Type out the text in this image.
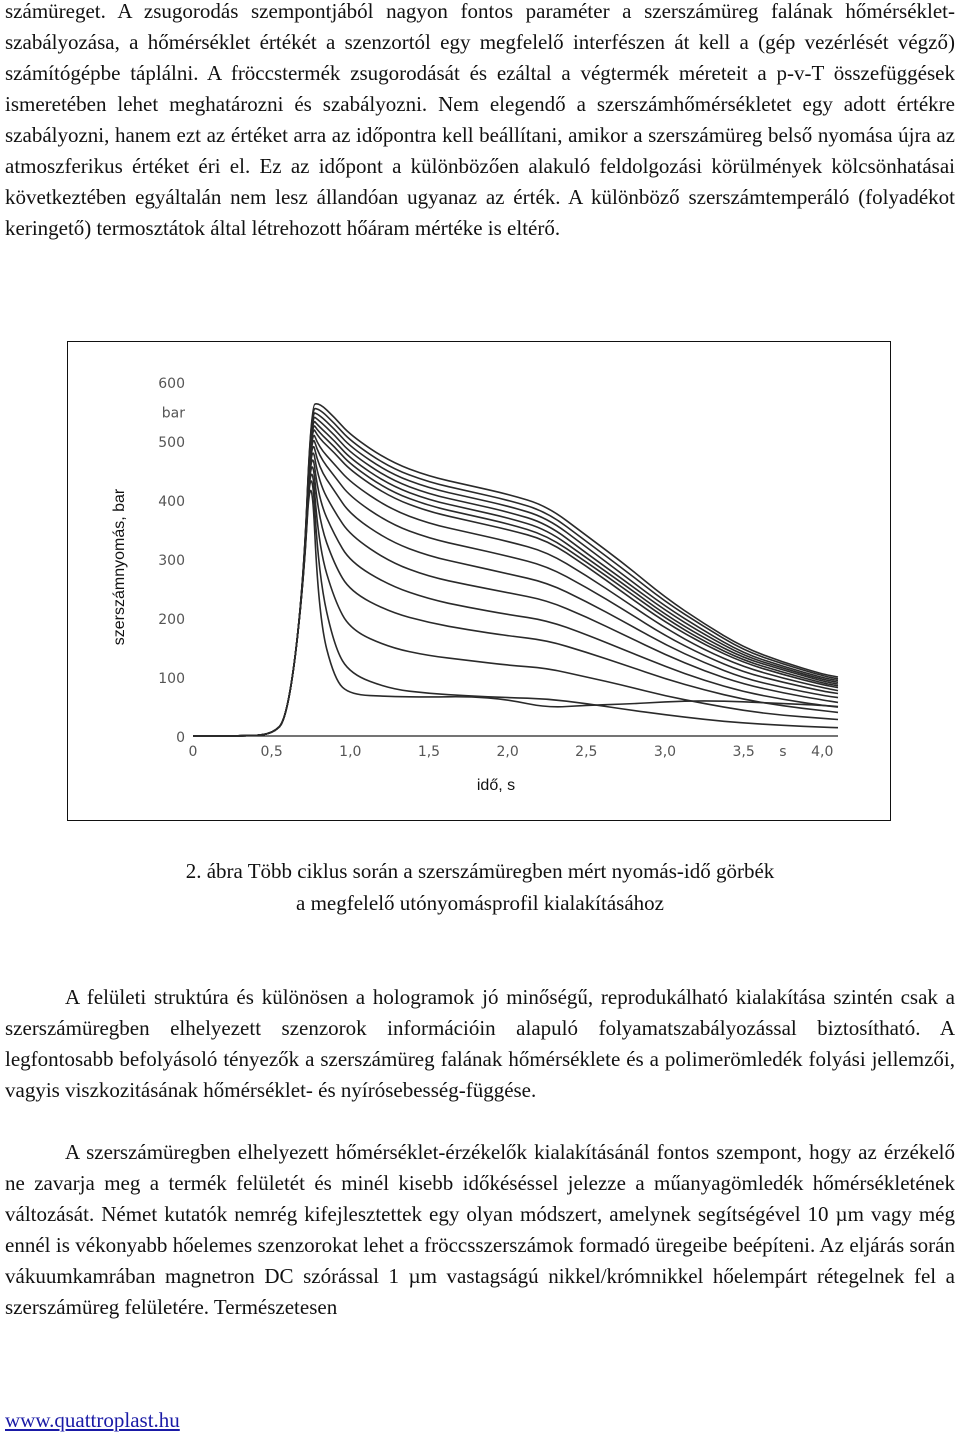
számüreget. A zsugorodás szempontjából nagyon fontos paraméter a szerszámüreg falának hőmérséklet-szabályozása, a hőmérséklet értékét a szenzortól egy megfelelő interfészen át kell a (gép vezérlését végző) számítógépbe táplálni. A fröccstermék zsugorodását és ezáltal a végtermék méreteit a p-v-T összefüggések ismeretében lehet meghatározni és szabályozni. Nem elegendő a szerszámhőmérsékletet egy adott értékre szabályozni, hanem ezt az értéket arra az időpontra kell beállítani, amikor a szerszámüreg belső nyomása újra az atmoszferikus értéket éri el. Ez az időpont a különbözően alakuló feldolgozási körülmények kölcsönhatásai következtében egyáltalán nem lesz állandóan ugyanaz az érték. A különböző szerszámtemperáló (folyadékot keringető) termosztátok által létrehozott hőáram mértéke is eltérő.

0
100
200
300
400
500
600
bar
0	0,5	1,0	1,5	2,0	2,5	3,0	3,5	4,0
s
szerszámnyomás, bar
idő, s
2. ábra Több ciklus során a szerszámüregben mért nyomás-idő görbék
a megfelelő utónyomásprofil kialakításához

A felületi struktúra és különösen a hologramok jó minőségű, reprodukálható kialakítása szintén csak a szerszámüregben elhelyezett szenzorok információin alapuló folyamatszabályozással biztosítható. A legfontosabb befolyásoló tényezők a szerszámüreg falának hőmérséklete és a polimerömledék folyási jellemzői, vagyis viszkozitásának hőmérséklet- és nyírósebesség-függése.

A szerszámüregben elhelyezett hőmérséklet-érzékelők kialakításánál fontos szempont, hogy az érzékelő ne zavarja meg a termék felületét és minél kisebb időkéséssel jelezze a műanyagömledék hőmérsékletének változását. Német kutatók nemrég kifejlesztettek egy olyan módszert, amelynek segítségével 10 µm vagy még ennél is vékonyabb hőelemes szenzorokat lehet a fröccsszerszámok formadó üregeibe beépíteni. Az eljárás során vákuumkamrában magnetron DC szórással 1 µm vastagságú nikkel/krómnikkel hőelempárt rétegelnek fel a szerszámüreg felületére. Természetesen

www.quattroplast.hu
